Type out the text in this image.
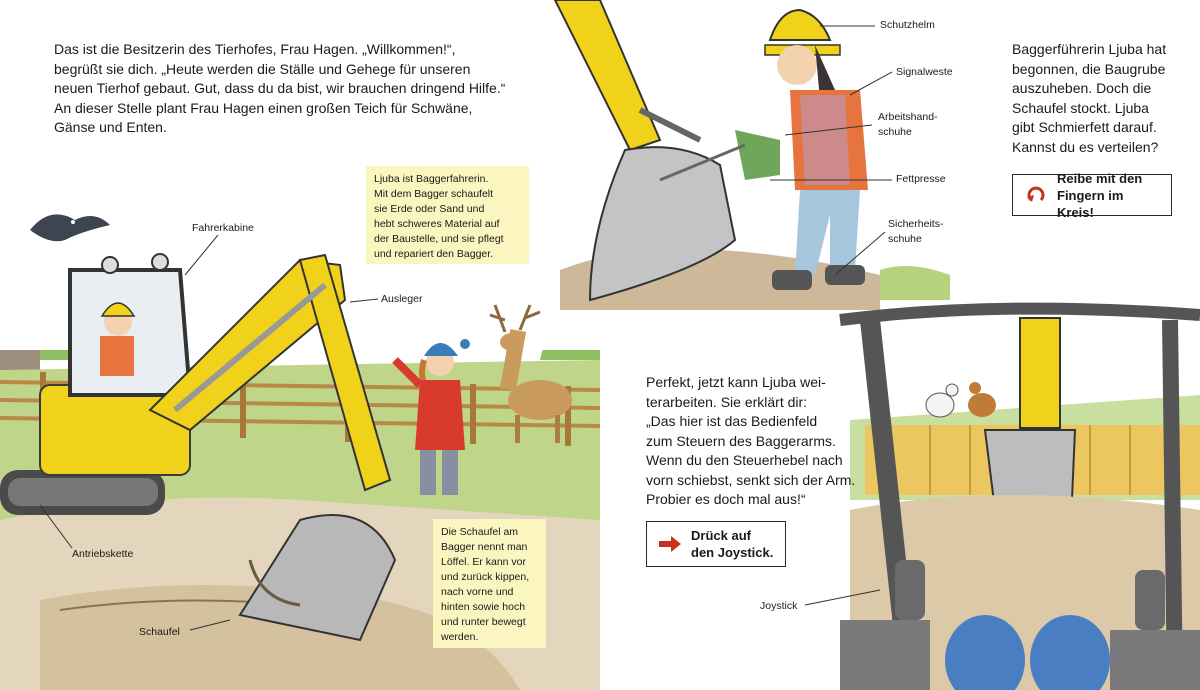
Das ist die Besitzerin des Tierhofes, Frau Hagen. „Willkommen!“,
begrüßt sie dich. „Heute werden die Ställe und Gehege für unseren
neuen Tierhof gebaut. Gut, dass du da bist, wir brauchen dringend Hilfe.“
An dieser Stelle plant Frau Hagen einen großen Teich für Schwäne,
Gänse und Enten.
Ljuba ist Baggerfahrerin.
Mit dem Bagger schaufelt
sie Erde oder Sand und
hebt schweres Material auf
der Baustelle, und sie pflegt
und repariert den Bagger.
Die Schaufel am
Bagger nennt man
Löffel. Er kann vor
und zurück kippen,
nach vorne und
hinten sowie hoch
und runter bewegt
werden.
Fahrerkabine
Ausleger
Antriebskette
Schaufel
Schutzhelm
Signalweste
Arbeitshand-
schuhe
Fettpresse
Sicherheits-
schuhe
Joystick
Baggerführerin Ljuba hat
begonnen, die Baugrube
auszuheben. Doch die
Schaufel stockt. Ljuba
gibt Schmierfett darauf.
Kannst du es verteilen?
Reibe mit den
Fingern im Kreis!
Perfekt, jetzt kann Ljuba wei-
terarbeiten. Sie erklärt dir:
„Das hier ist das Bedienfeld
zum Steuern des Baggerarms.
Wenn du den Steuerhebel nach
vorn schiebst, senkt sich der Arm.
Probier es doch mal aus!“
Drück auf
den Joystick.
